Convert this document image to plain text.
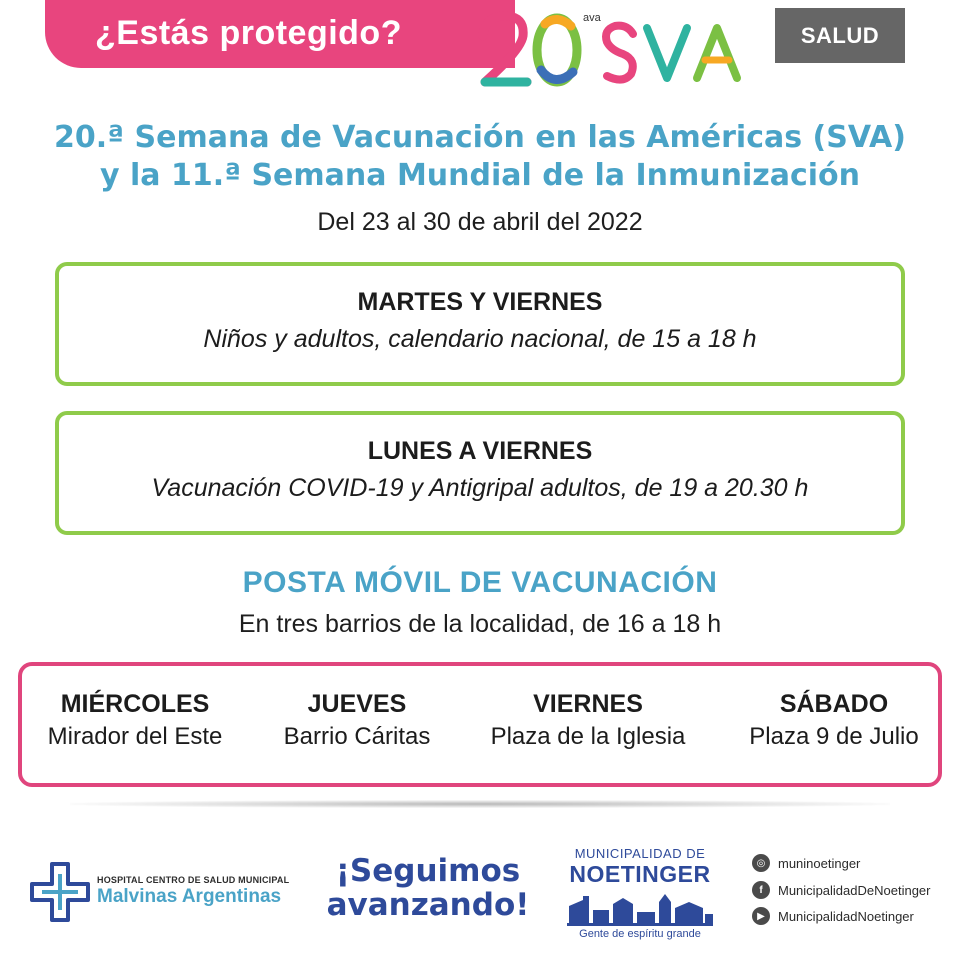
¿Estás protegido?	ava
SALUD
20.ª Semana de Vacunación en las Américas (SVA)
y la 11.ª Semana Mundial de la Inmunización
Del 23 al 30 de abril del 2022
MARTES Y VIERNES
Niños y adultos, calendario nacional, de 15 a 18 h
LUNES A VIERNES
Vacunación COVID-19 y Antigripal adultos, de 19 a 20.30 h
POSTA MÓVIL DE VACUNACIÓN
En tres barrios de la localidad, de 16 a 18 h
MIÉRCOLES
Mirador del Este
JUEVES
Barrio Cáritas
VIERNES
Plaza de la Iglesia
SÁBADO
Plaza 9 de Julio
HOSPITAL CENTRO DE SALUD MUNICIPAL
Malvinas Argentinas
¡Seguimos
avanzando!
MUNICIPALIDAD DE
NOETINGER
Gente de espíritu grande
◎ muninoetinger
f	MunicipalidadDeNoetinger
▶	MunicipalidadNoetinger
